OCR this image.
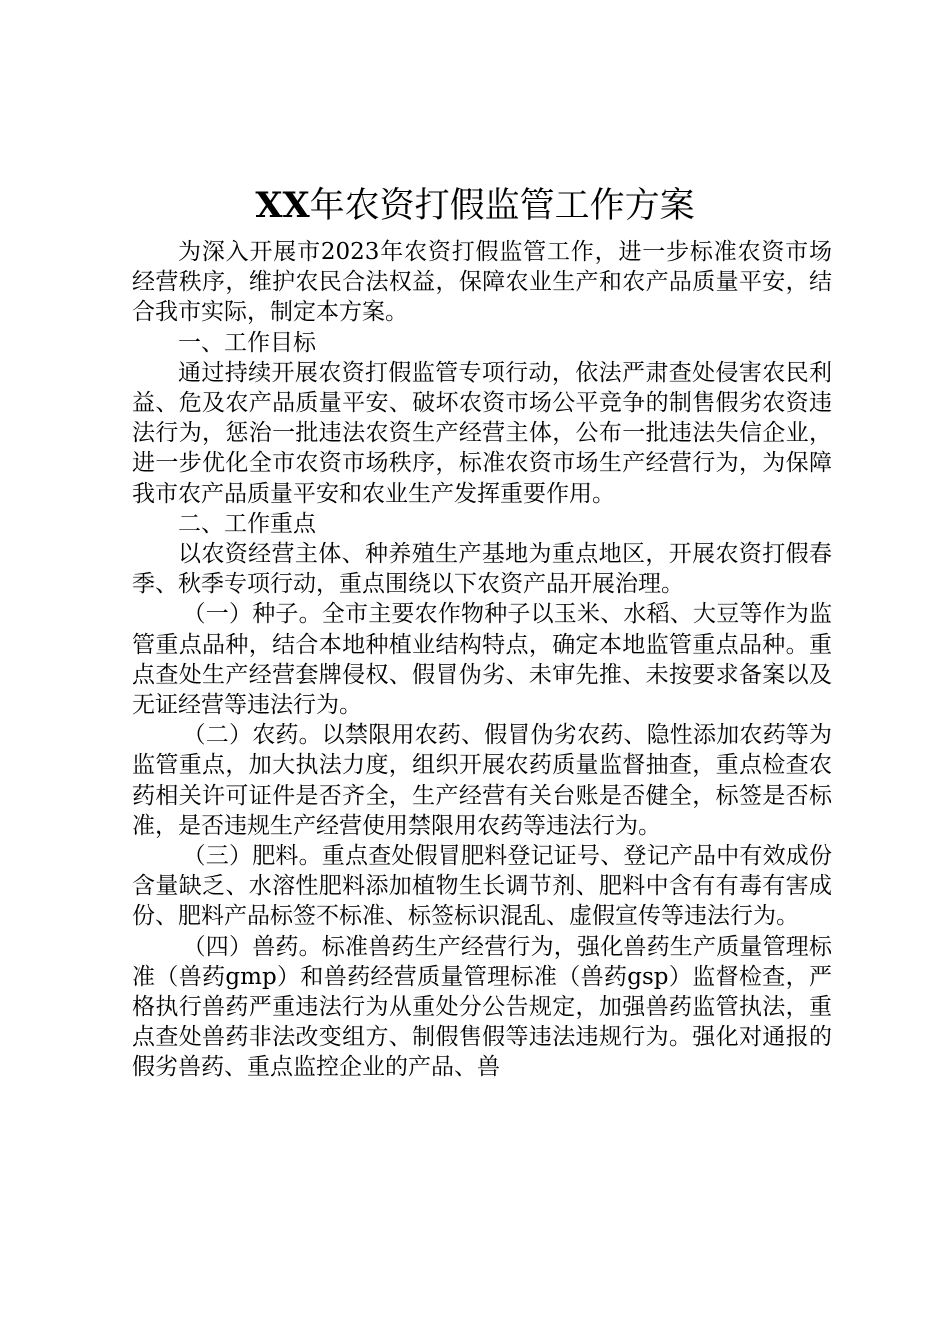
XX年农资打假监管工作方案

为深入开展市2023年农资打假监管工作，进一步标准农资市场经营秩序，维护农民合法权益，保障农业生产和农产品质量平安，结合我市实际，制定本方案。

一、工作目标

通过持续开展农资打假监管专项行动，依法严肃查处侵害农民利益、危及农产品质量平安、破坏农资市场公平竞争的制售假劣农资违法行为，惩治一批违法农资生产经营主体，公布一批违法失信企业，进一步优化全市农资市场秩序，标准农资市场生产经营行为，为保障我市农产品质量平安和农业生产发挥重要作用。

二、工作重点

以农资经营主体、种养殖生产基地为重点地区，开展农资打假春季、秋季专项行动，重点围绕以下农资产品开展治理。

（一）种子。全市主要农作物种子以玉米、水稻、大豆等作为监管重点品种，结合本地种植业结构特点，确定本地监管重点品种。重点查处生产经营套牌侵权、假冒伪劣、未审先推、未按要求备案以及无证经营等违法行为。

（二）农药。以禁限用农药、假冒伪劣农药、隐性添加农药等为监管重点，加大执法力度，组织开展农药质量监督抽查，重点检查农药相关许可证件是否齐全，生产经营有关台账是否健全，标签是否标准，是否违规生产经营使用禁限用农药等违法行为。

（三）肥料。重点查处假冒肥料登记证号、登记产品中有效成份含量缺乏、水溶性肥料添加植物生长调节剂、肥料中含有有毒有害成份、肥料产品标签不标准、标签标识混乱、虚假宣传等违法行为。

（四）兽药。标准兽药生产经营行为，强化兽药生产质量管理标准（兽药gmp）和兽药经营质量管理标准（兽药gsp）监督检查，严格执行兽药严重违法行为从重处分公告规定，加强兽药监管执法，重点查处兽药非法改变组方、制假售假等违法违规行为。强化对通报的假劣兽药、重点监控企业的产品、兽
